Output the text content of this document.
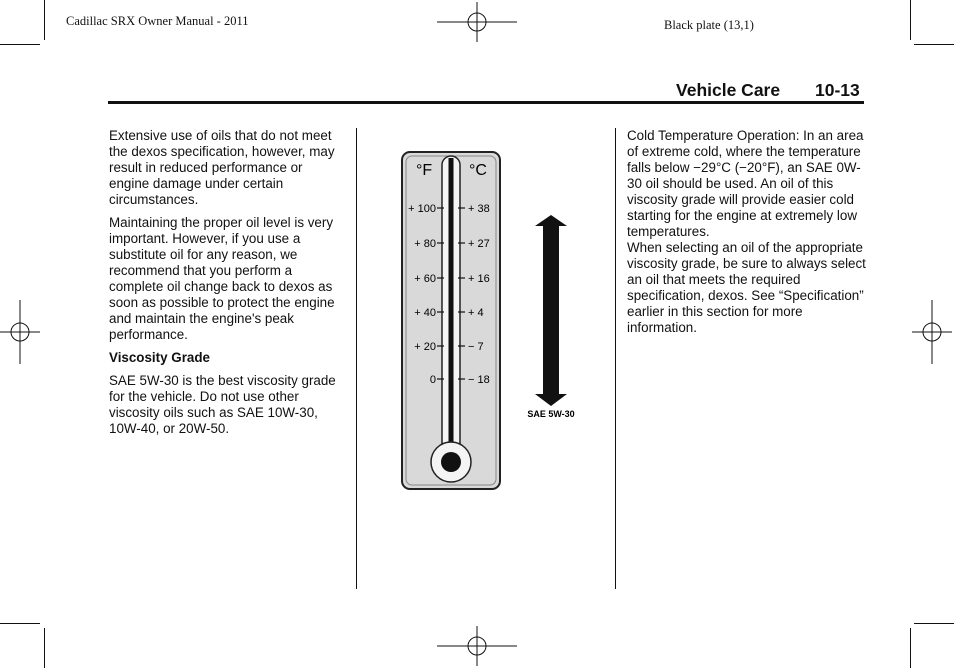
Cadillac SRX Owner Manual - 2011	Black plate (13,1)
Vehicle Care 10-13

Extensive use of oils that do not meet the dexos specification, however, may result in reduced performance or engine damage under certain circumstances.

Maintaining the proper oil level is very important. However, if you use a substitute oil for any reason, we recommend that you perform a complete oil change back to dexos as soon as possible to protect the engine and maintain the engine's peak performance.

Viscosity Grade

SAE 5W-30 is the best viscosity grade for the vehicle. Do not use other viscosity oils such as SAE 10W-30, 10W-40, or 20W-50.

°F °C
+ 100
+ 80
+ 60
+ 40
+ 20
0
+ 38
+ 27
+ 16
+ 4
− 7
− 18
SAE 5W-30

Cold Temperature Operation: In an area of extreme cold, where the temperature falls below −29°C (−20°F), an SAE 0W-30 oil should be used. An oil of this viscosity grade will provide easier cold starting for the engine at extremely low temperatures.

When selecting an oil of the appropriate viscosity grade, be sure to always select an oil that meets the required specification, dexos. See “Specification” earlier in this section for more information.
